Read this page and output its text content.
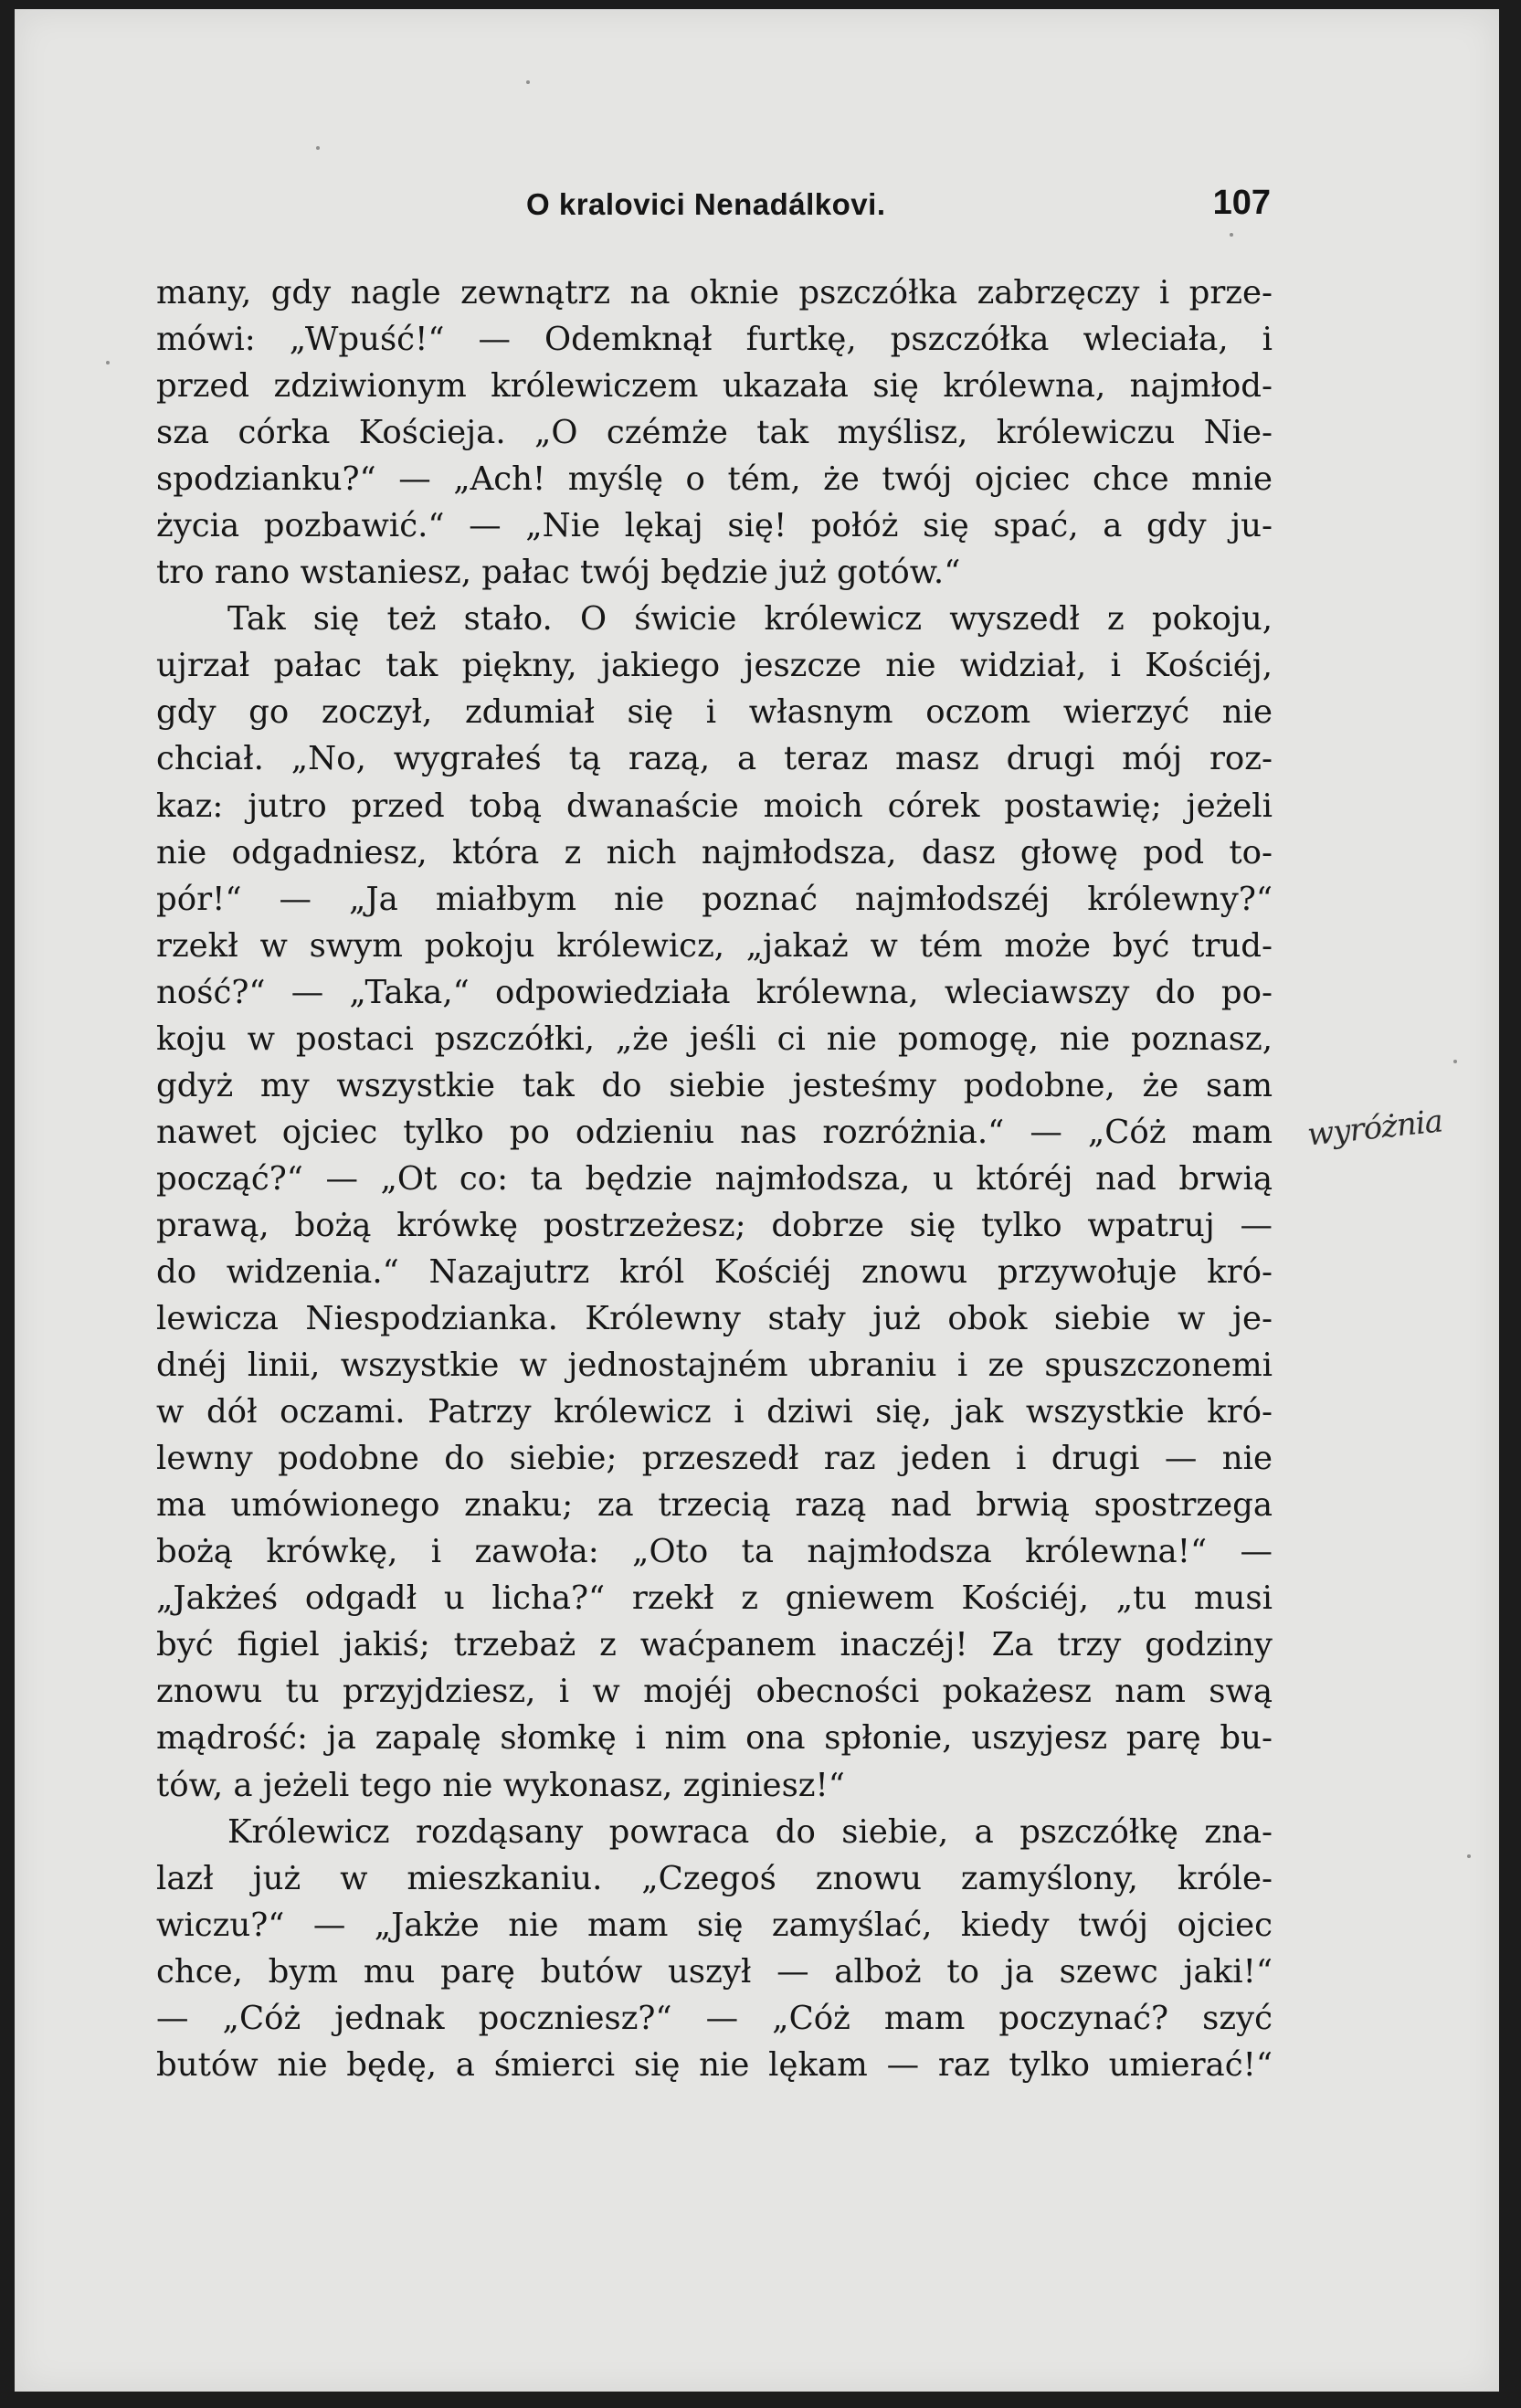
O kralovici Nenadálkovi.	107
many, gdy nagle zewnątrz na oknie pszczółka zabrzęczy i prze-
mówi: „Wpuść!“ — Odemknął furtkę, pszczółka wleciała, i
przed zdziwionym królewiczem ukazała się królewna, najmłod-
sza córka Kościeja. „O czémże tak myślisz, królewiczu Nie-
spodzianku?“ — „Ach! myślę o tém, że twój ojciec chce mnie
życia pozbawić.“ — „Nie lękaj się! połóż się spać, a gdy ju-
tro rano wstaniesz, pałac twój będzie już gotów.“
Tak się też stało. O świcie królewicz wyszedł z pokoju,
ujrzał pałac tak piękny, jakiego jeszcze nie widział, i Kościéj,
gdy go zoczył, zdumiał się i własnym oczom wierzyć nie
chciał. „No, wygrałeś tą razą, a teraz masz drugi mój roz-
kaz: jutro przed tobą dwanaście moich córek postawię; jeżeli
nie odgadniesz, która z nich najmłodsza, dasz głowę pod to-
pór!“ — „Ja miałbym nie poznać najmłodszéj królewny?“
rzekł w swym pokoju królewicz, „jakaż w tém może być trud-
ność?“ — „Taka,“ odpowiedziała królewna, wleciawszy do po-
koju w postaci pszczółki, „że jeśli ci nie pomogę, nie poznasz,
gdyż my wszystkie tak do siebie jesteśmy podobne, że sam
nawet ojciec tylko po odzieniu nas rozróżnia.“ — „Cóż mam
począć?“ — „Ot co: ta będzie najmłodsza, u któréj nad brwią
prawą, bożą krówkę postrzeżesz; dobrze się tylko wpatruj —
do widzenia.“ Nazajutrz król Kościéj znowu przywołuje kró-
lewicza Niespodzianka. Królewny stały już obok siebie w je-
dnéj linii, wszystkie w jednostajném ubraniu i ze spuszczonemi
w dół oczami. Patrzy królewicz i dziwi się, jak wszystkie kró-
lewny podobne do siebie; przeszedł raz jeden i drugi — nie
ma umówionego znaku; za trzecią razą nad brwią spostrzega
bożą krówkę, i zawoła: „Oto ta najmłodsza królewna!“ —
„Jakżeś odgadł u licha?“ rzekł z gniewem Kościéj, „tu musi
być figiel jakiś; trzebaż z waćpanem inaczéj! Za trzy godziny
znowu tu przyjdziesz, i w mojéj obecności pokażesz nam swą
mądrość: ja zapalę słomkę i nim ona spłonie, uszyjesz parę bu-
tów, a jeżeli tego nie wykonasz, zginiesz!“
Królewicz rozdąsany powraca do siebie, a pszczółkę zna-
lazł już w mieszkaniu. „Czegoś znowu zamyślony, króle-
wiczu?“ — „Jakże nie mam się zamyślać, kiedy twój ojciec
chce, bym mu parę butów uszył — alboż to ja szewc jaki!“
— „Cóż jednak poczniesz?“ — „Cóż mam poczynać? szyć
butów nie będę, a śmierci się nie lękam — raz tylko umierać!“
wyróżnia
